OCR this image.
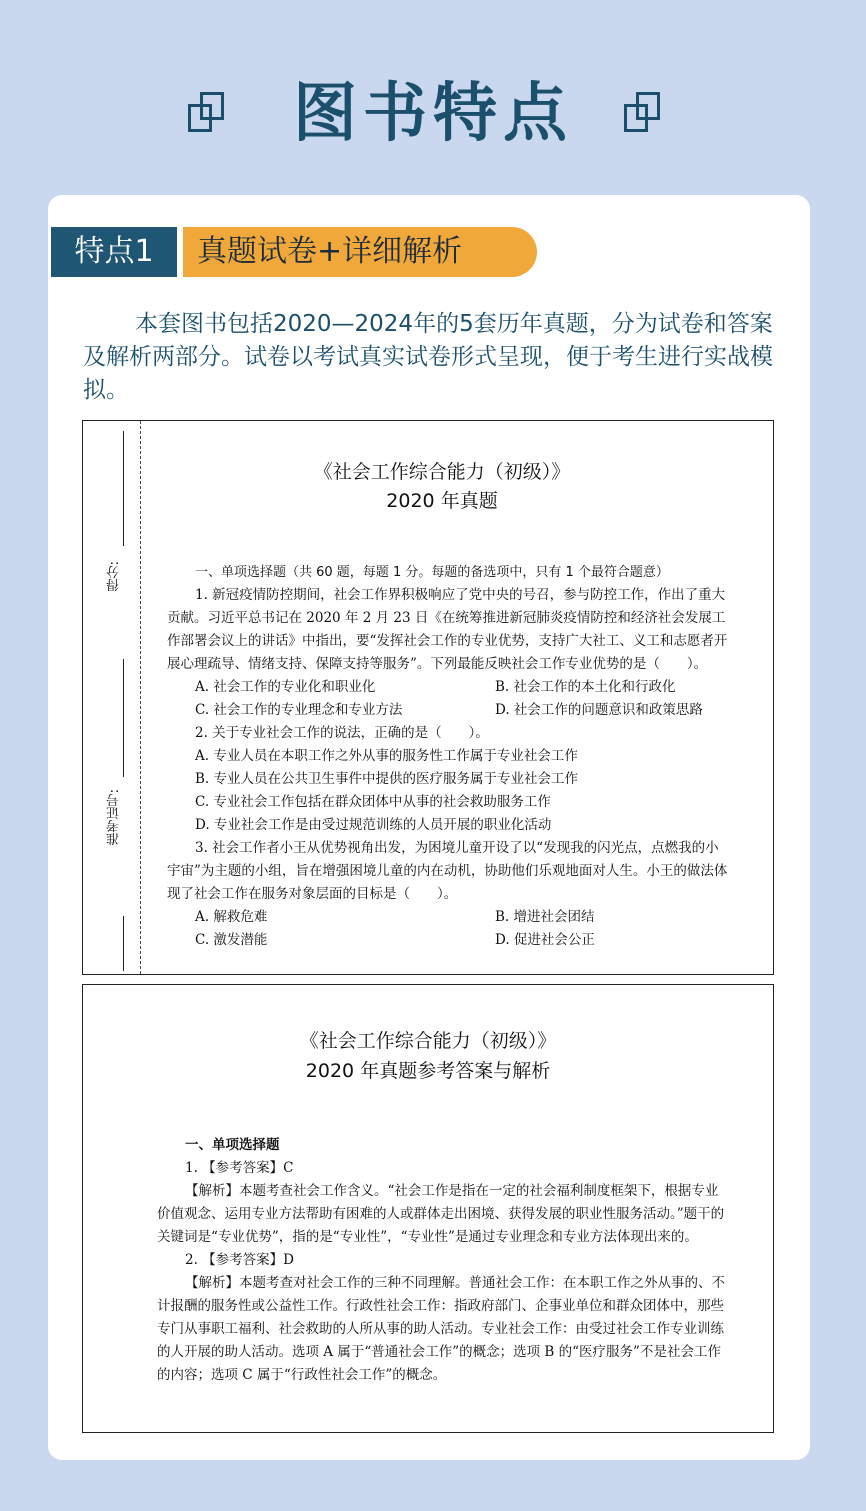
图书特点
特点1	真题试卷+详细解析
本套图书包括2020—2024年的5套历年真题，分为试卷和答案及解析两部分。试卷以考试真实试卷形式呈现，便于考生进行实战模拟。
得分:
准考证号:
《社会工作综合能力（初级）》
2020 年真题

一、单项选择题（共 60 题，每题 1 分。每题的备选项中，只有 1 个最符合题意）

1. 新冠疫情防控期间，社会工作界积极响应了党中央的号召，参与防控工作，作出了重大贡献。习近平总书记在 2020 年 2 月 23 日《在统筹推进新冠肺炎疫情防控和经济社会发展工作部署会议上的讲话》中指出，要“发挥社会工作的专业优势，支持广大社工、义工和志愿者开展心理疏导、情绪支持、保障支持等服务”。下列最能反映社会工作专业优势的是（　　）。

A. 社会工作的专业化和职业化	B. 社会工作的本土化和行政化
C. 社会工作的专业理念和专业方法	D. 社会工作的问题意识和政策思路

2. 关于专业社会工作的说法，正确的是（　　）。

A. 专业人员在本职工作之外从事的服务性工作属于专业社会工作

B. 专业人员在公共卫生事件中提供的医疗服务属于专业社会工作

C. 专业社会工作包括在群众团体中从事的社会救助服务工作

D. 专业社会工作是由受过规范训练的人员开展的职业化活动

3. 社会工作者小王从优势视角出发，为困境儿童开设了以“发现我的闪光点，点燃我的小宇宙”为主题的小组，旨在增强困境儿童的内在动机，协助他们乐观地面对人生。小王的做法体现了社会工作在服务对象层面的目标是（　　）。

A. 解救危难	B. 增进社会团结
C. 激发潜能	D. 促进社会公正
《社会工作综合能力（初级）》
2020 年真题参考答案与解析

一、单项选择题

1. 【参考答案】C

【解析】本题考查社会工作含义。“社会工作是指在一定的社会福利制度框架下，根据专业价值观念、运用专业方法帮助有困难的人或群体走出困境、获得发展的职业性服务活动。”题干的关键词是“专业优势”，指的是“专业性”，“专业性”是通过专业理念和专业方法体现出来的。

2. 【参考答案】D

【解析】本题考查对社会工作的三种不同理解。普通社会工作：在本职工作之外从事的、不计报酬的服务性或公益性工作。行政性社会工作：指政府部门、企事业单位和群众团体中，那些专门从事职工福利、社会救助的人所从事的助人活动。专业社会工作：由受过社会工作专业训练的人开展的助人活动。选项 A 属于“普通社会工作”的概念；选项 B 的“医疗服务”不是社会工作的内容；选项 C 属于“行政性社会工作”的概念。
